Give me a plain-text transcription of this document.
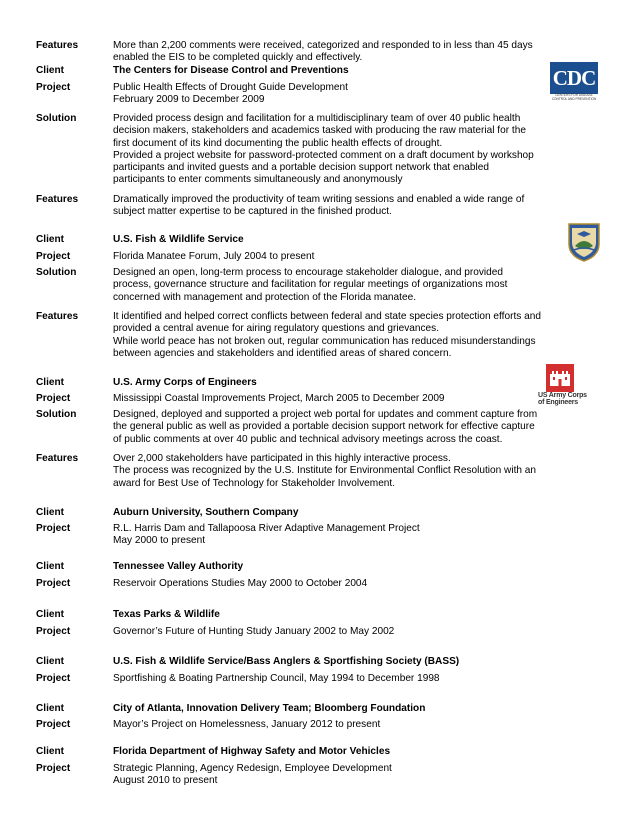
Features	More than 2,200 comments were received, categorized and responded to in less than 45 days
enabled the EIS to be completed quickly and effectively.
Client	The Centers for Disease Control and Preventions
Project	Public Health Effects of Drought Guide Development
February 2009 to December 2009
Solution	Provided process design and facilitation for a multidisciplinary team of over 40 public health
decision makers, stakeholders and academics tasked with producing the raw material for the
first document of its kind documenting the public health effects of drought.
Provided a project website for password-protected comment on a draft document by workshop
participants and invited guests and a portable decision support network that enabled
participants to enter comments simultaneously and anonymously
Features	Dramatically improved the productivity of team writing sessions and enabled a wide range of
subject matter expertise to be captured in the finished product.
CDC
CENTERS FOR DISEASE
CONTROL AND PREVENTION
Client	U.S. Fish & Wildlife Service
Project	Florida Manatee Forum, July 2004 to present
Solution	Designed an open, long-term process to encourage stakeholder dialogue, and provided
process, governance structure and facilitation for regular meetings of organizations most
concerned with management and protection of the Florida manatee.
Features	It identified and helped correct conflicts between federal and state species protection efforts and
provided a central avenue for airing regulatory questions and grievances.
While world peace has not broken out, regular communication has reduced misunderstandings
between agencies and stakeholders and identified areas of shared concern.
Client	U.S. Army Corps of Engineers
Project	Mississippi Coastal Improvements Project, March 2005 to December 2009
Solution	Designed, deployed and supported a project web portal for updates and comment capture from
the general public as well as provided a portable decision support network for effective capture
of public comments at over 40 public and technical advisory meetings across the coast.
Features	Over 2,000 stakeholders have participated in this highly interactive process.
The process was recognized by the U.S. Institute for Environmental Conflict Resolution with an
award for Best Use of Technology for Stakeholder Involvement.
US Army Corps
of Engineers
Client	Auburn University, Southern Company
Project	R.L. Harris Dam and Tallapoosa River Adaptive Management Project
May 2000 to present
Client	Tennessee Valley Authority
Project	Reservoir Operations Studies May 2000 to October 2004
Client	Texas Parks & Wildlife
Project	Governor’s Future of Hunting Study January 2002 to May 2002
Client	U.S. Fish & Wildlife Service/Bass Anglers & Sportfishing Society (BASS)
Project	Sportfishing & Boating Partnership Council, May 1994 to December 1998
Client	City of Atlanta, Innovation Delivery Team; Bloomberg Foundation
Project	Mayor’s Project on Homelessness, January 2012 to present
Client	Florida Department of Highway Safety and Motor Vehicles
Project	Strategic Planning, Agency Redesign, Employee Development
August 2010 to present
